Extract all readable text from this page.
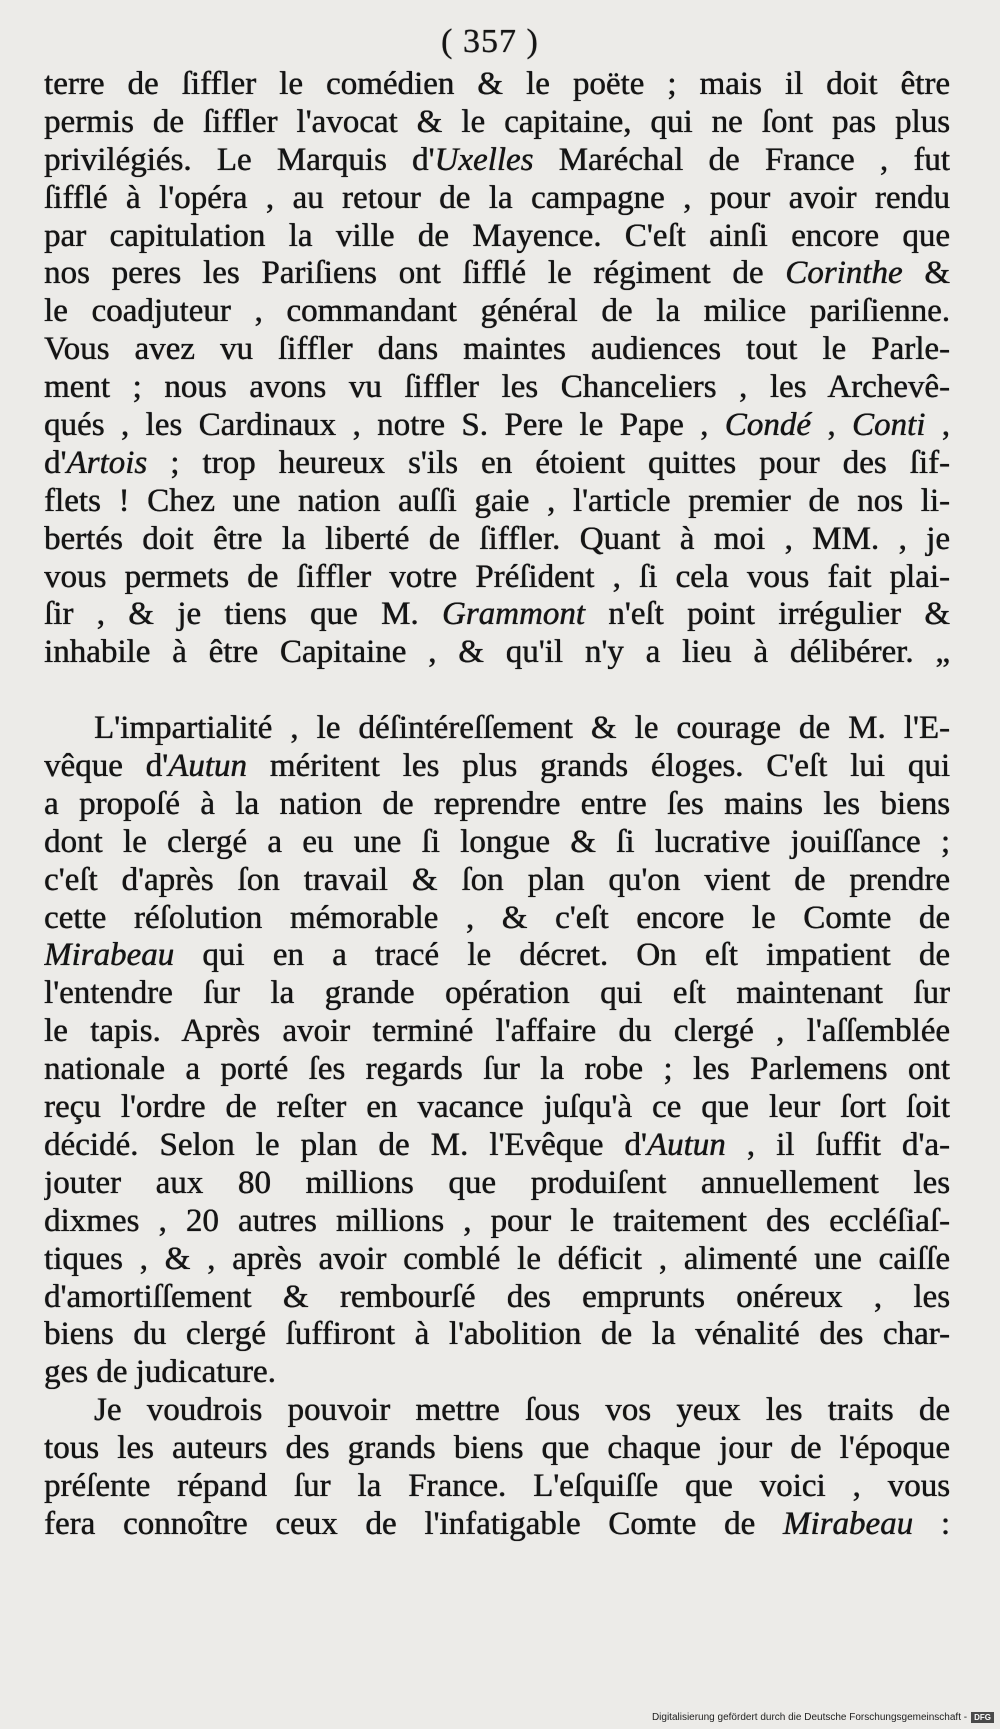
( 357 )
terre de ſiffler le comédien & le poëte ; mais il doit être
permis de ſiffler l'avocat & le capitaine, qui ne ſont pas plus
privilégiés. Le Marquis d'Uxelles Maréchal de France , fut
ſifflé à l'opéra , au retour de la campagne , pour avoir rendu
par capitulation la ville de Mayence. C'eſt ainſi encore que
nos peres les Pariſiens ont ſifflé le régiment de Corinthe &
le coadjuteur , commandant général de la milice pariſienne.
Vous avez vu ſiffler dans maintes audiences tout le Parle-
ment ; nous avons vu ſiffler les Chanceliers , les Archevê-
qués , les Cardinaux , notre S. Pere le Pape , Condé , Conti ,
d'Artois ; trop heureux s'ils en étoient quittes pour des ſif-
flets ! Chez une nation auſſi gaie , l'article premier de nos li-
bertés doit être la liberté de ſiffler. Quant à moi , MM. , je
vous permets de ſiffler votre Préſident , ſi cela vous fait plai-
ſir , & je tiens que M. Grammont n'eſt point irrégulier &
inhabile à être Capitaine , & qu'il n'y a lieu à délibérer. „
L'impartialité , le déſintéreſſement & le courage de M. l'E-
vêque d'Autun méritent les plus grands éloges. C'eſt lui qui
a propoſé à la nation de reprendre entre ſes mains les biens
dont le clergé a eu une ſi longue & ſi lucrative jouiſſance ;
c'eſt d'après ſon travail & ſon plan qu'on vient de prendre
cette réſolution mémorable , & c'eſt encore le Comte de
Mirabeau qui en a tracé le décret. On eſt impatient de
l'entendre ſur la grande opération qui eſt maintenant ſur
le tapis. Après avoir terminé l'affaire du clergé , l'aſſemblée
nationale a porté ſes regards ſur la robe ; les Parlemens ont
reçu l'ordre de reſter en vacance juſqu'à ce que leur ſort ſoit
décidé. Selon le plan de M. l'Evêque d'Autun , il ſuffit d'a-
jouter aux 80 millions que produiſent annuellement les
dixmes , 20 autres millions , pour le traitement des eccléſiaſ-
tiques , & , après avoir comblé le déficit , alimenté une caiſſe
d'amortiſſement & rembourſé des emprunts onéreux , les
biens du clergé ſuffiront à l'abolition de la vénalité des char-
ges de judicature.
Je voudrois pouvoir mettre ſous vos yeux les traits de
tous les auteurs des grands biens que chaque jour de l'époque
préſente répand ſur la France. L'eſquiſſe que voici , vous
fera connoître ceux de l'infatigable Comte de Mirabeau :
Digitalisierung gefördert durch die Deutsche Forschungsgemeinschaft - DFG
